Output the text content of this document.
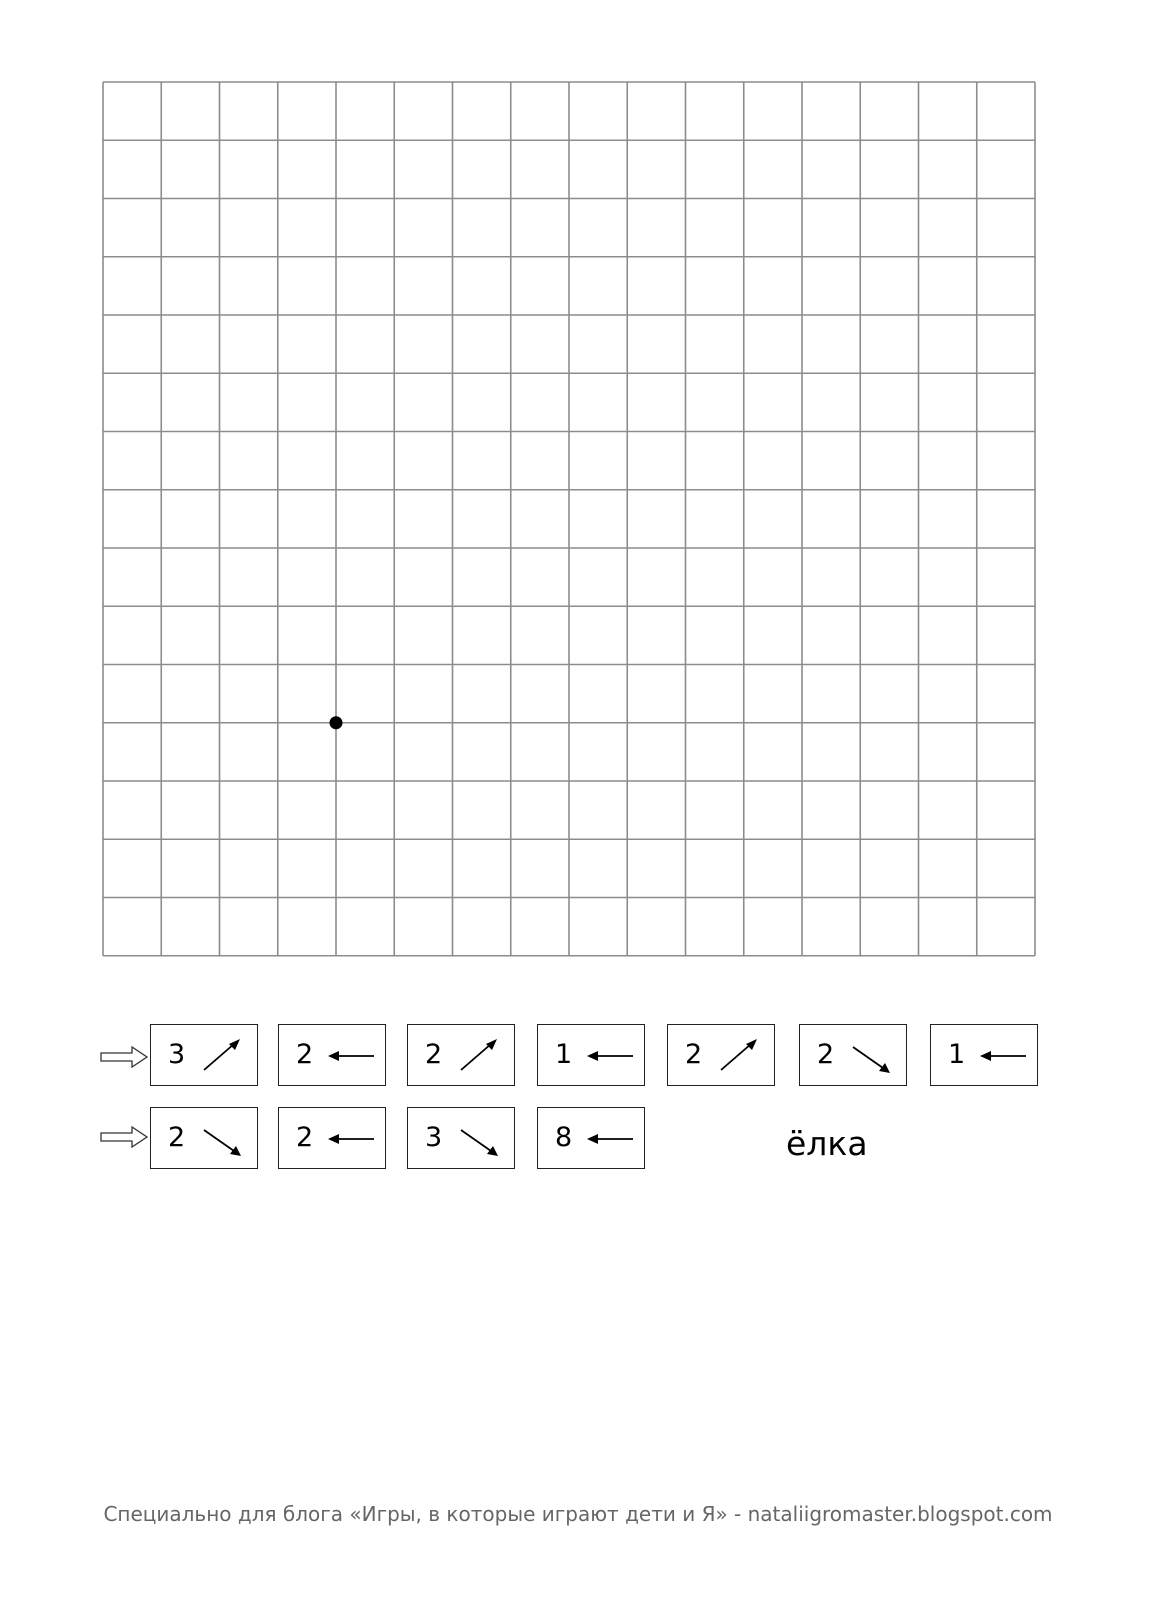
3	2	2	1	2	2	1
2	2	3	8	ёлка
Специально для блога «Игры, в которые играют дети и Я» - nataliigromaster.blogspot.com
